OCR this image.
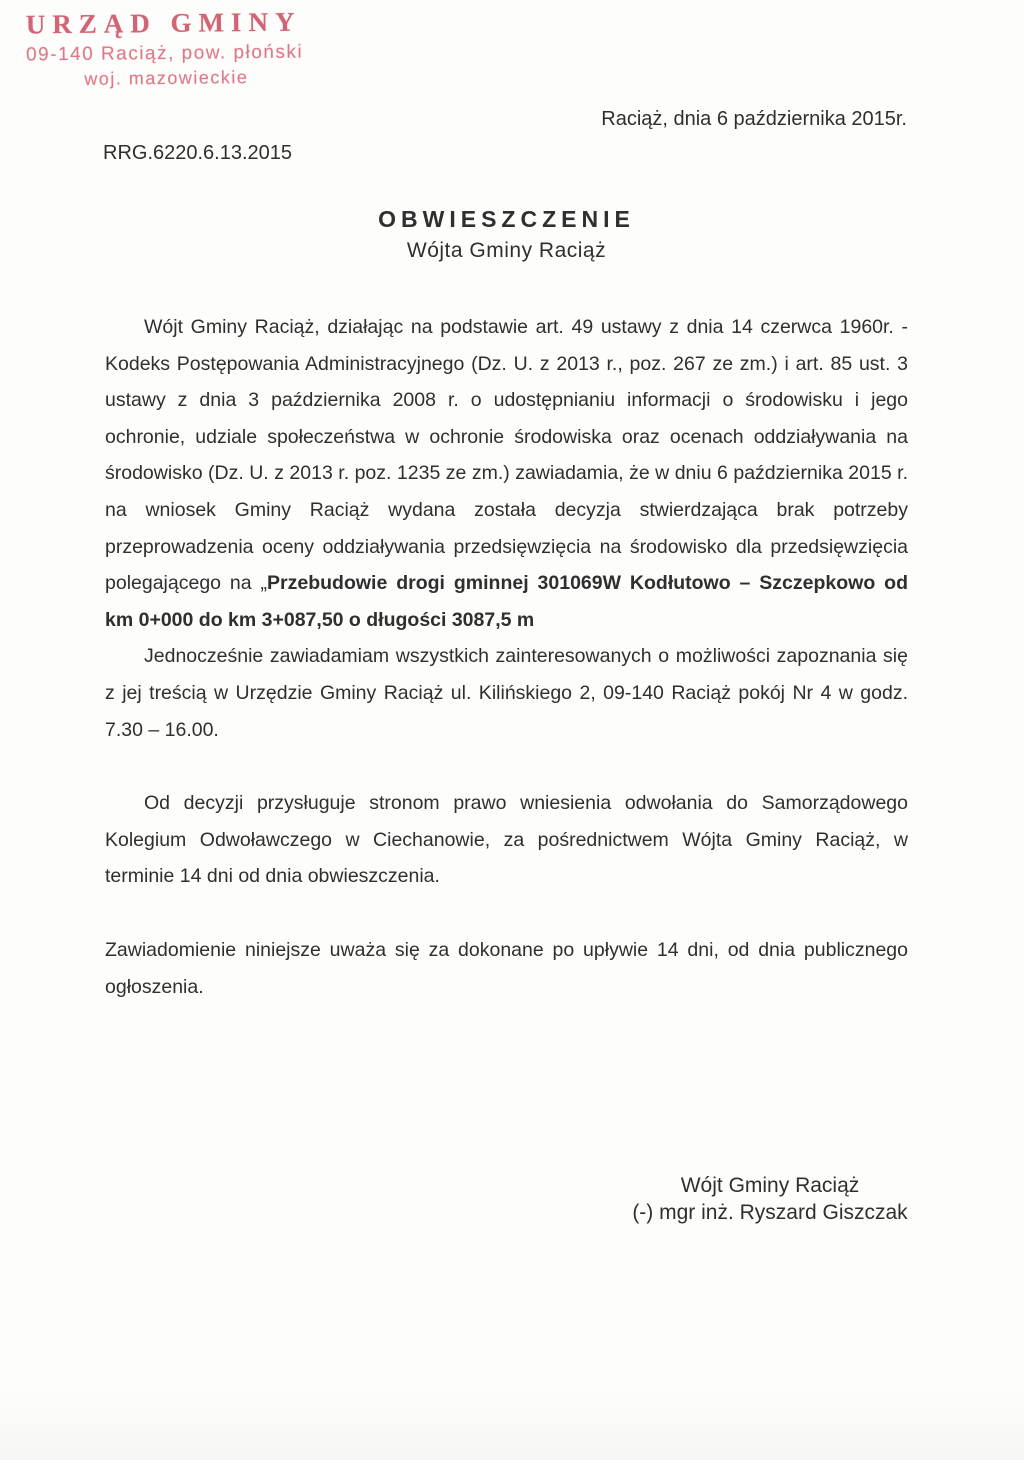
URZĄD GMINY
09-140 Raciąż, pow. płoński
woj. mazowieckie
Raciąż, dnia 6 października 2015r.
RRG.6220.6.13.2015
OBWIESZCZENIE
Wójta Gminy Raciąż

Wójt Gminy Raciąż, działając na podstawie art. 49 ustawy z dnia 14 czerwca 1960r. - Kodeks Postępowania Administracyjnego (Dz. U. z 2013 r., poz. 267 ze zm.) i art. 85 ust. 3 ustawy z dnia 3 października 2008 r. o udostępnianiu informacji o środowisku i jego ochronie, udziale społeczeństwa w ochronie środowiska oraz ocenach oddziaływania na środowisko (Dz. U. z 2013 r. poz. 1235 ze zm.) zawiadamia, że w dniu 6 października 2015 r. na wniosek Gminy Raciąż wydana została decyzja stwierdzająca brak potrzeby przeprowadzenia oceny oddziaływania przedsięwzięcia na środowisko dla przedsięwzięcia polegającego na „Przebudowie drogi gminnej 301069W Kodłutowo – Szczepkowo od km 0+000 do km 3+087,50 o długości 3087,5 m

Jednocześnie zawiadamiam wszystkich zainteresowanych o możliwości zapoznania się z jej treścią w Urzędzie Gminy Raciąż ul. Kilińskiego 2, 09-140 Raciąż pokój Nr 4 w godz. 7.30 – 16.00.

Od decyzji przysługuje stronom prawo wniesienia odwołania do Samorządowego Kolegium Odwoławczego w Ciechanowie, za pośrednictwem Wójta Gminy Raciąż, w terminie 14 dni od dnia obwieszczenia.

Zawiadomienie niniejsze uważa się za dokonane po upływie 14 dni, od dnia publicznego ogłoszenia.

Wójt Gminy Raciąż
(-) mgr inż. Ryszard Giszczak
